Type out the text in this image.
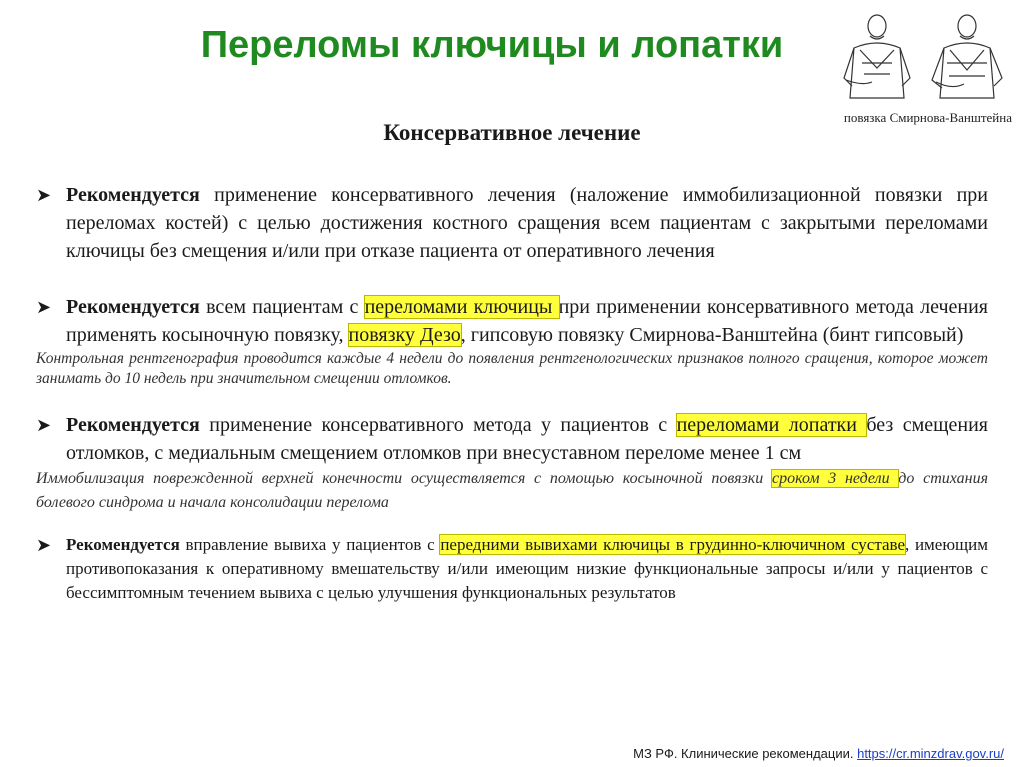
Переломы ключицы и лопатки
повязка Смирнова-Ванштейна
Консервативное лечение
➤ Рекомендуется применение консервативного лечения (наложение иммобилизационной повязки при переломах костей) с целью достижения костного сращения всем пациентам с закрытыми переломами ключицы без смещения и/или при отказе пациента от оперативного лечения
➤ Рекомендуется всем пациентам с переломами ключицы при применении консервативного метода лечения применять косыночную повязку, повязку Дезо, гипсовую повязку Смирнова-Ванштейна (бинт гипсовый)
Контрольная рентгенография проводится каждые 4 недели до появления рентгенологических признаков полного сращения, которое может занимать до 10 недель при значительном смещении отломков.
➤ Рекомендуется применение консервативного метода у пациентов с переломами лопатки без смещения отломков, с медиальным смещением отломков при внесуставном переломе менее 1 см
Иммобилизация поврежденной верхней конечности осуществляется с помощью косыночной повязки сроком 3 недели до стихания болевого синдрома и начала консолидации перелома
➤ Рекомендуется вправление вывиха у пациентов с передними вывихами ключицы в грудинно-ключичном суставе, имеющим противопоказания к оперативному вмешательству и/или имеющим низкие функциональные запросы и/или у пациентов с бессимптомным течением вывиха с целью улучшения функциональных результатов
МЗ РФ. Клинические рекомендации. https://cr.minzdrav.gov.ru/
